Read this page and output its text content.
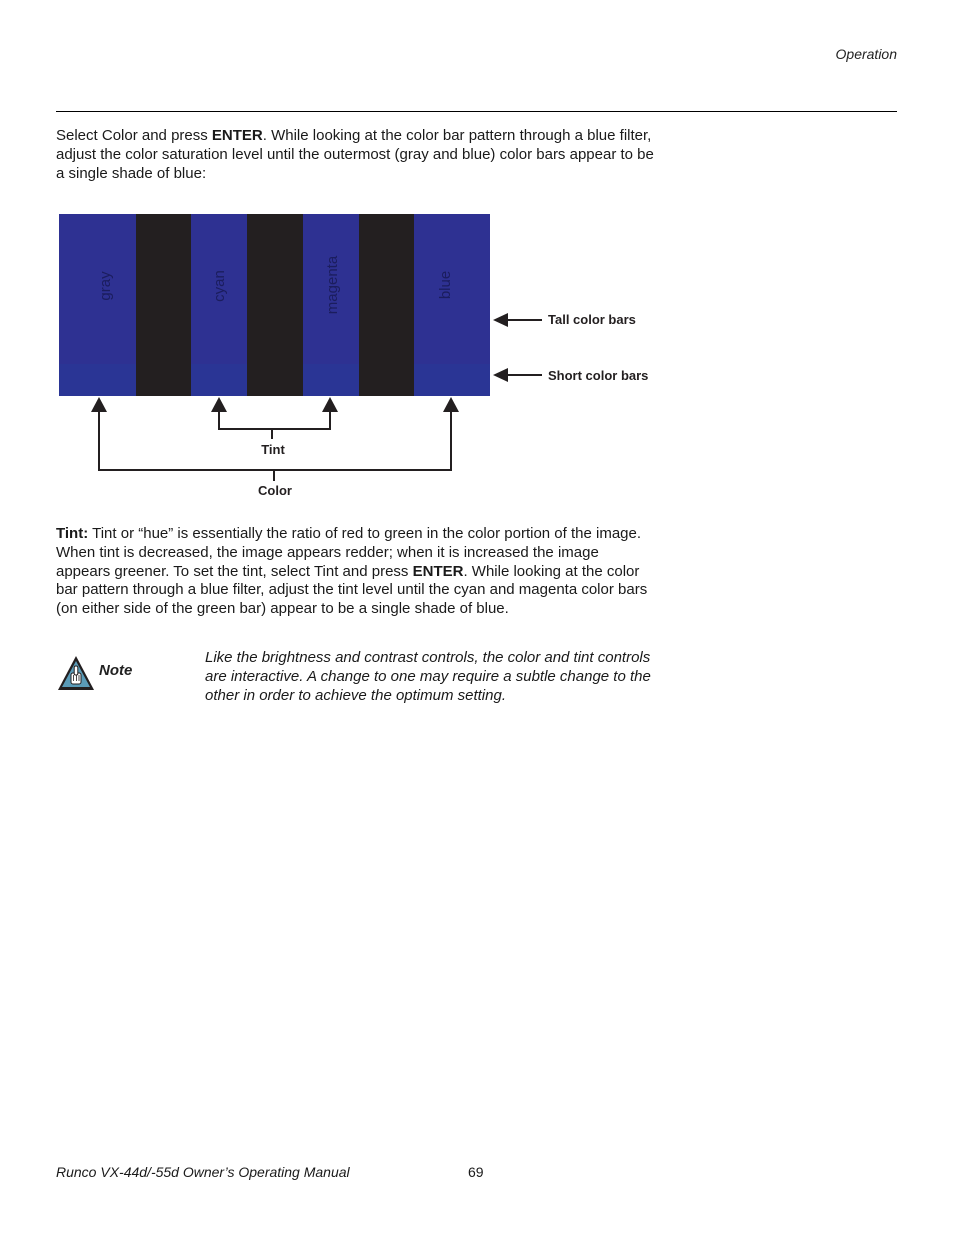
Operation

Select Color and press ENTER. While looking at the color bar pattern through a blue filter, adjust the color saturation level until the outermost (gray and blue) color bars appear to be a single shade of blue:

gray	cyan	magenta	blue
Tall color bars
Short color bars
Tint
Color

Tint: Tint or “hue” is essentially the ratio of red to green in the color portion of the image. When tint is decreased, the image appears redder; when it is increased the image appears greener. To set the tint, select Tint and press ENTER. While looking at the color bar pattern through a blue filter, adjust the tint level until the cyan and magenta color bars (on either side of the green bar) appear to be a single shade of blue.

Note

Like the brightness and contrast controls, the color and tint controls are interactive. A change to one may require a subtle change to the other in order to achieve the optimum setting.

Runco VX-44d/-55d Owner’s Operating Manual	69
